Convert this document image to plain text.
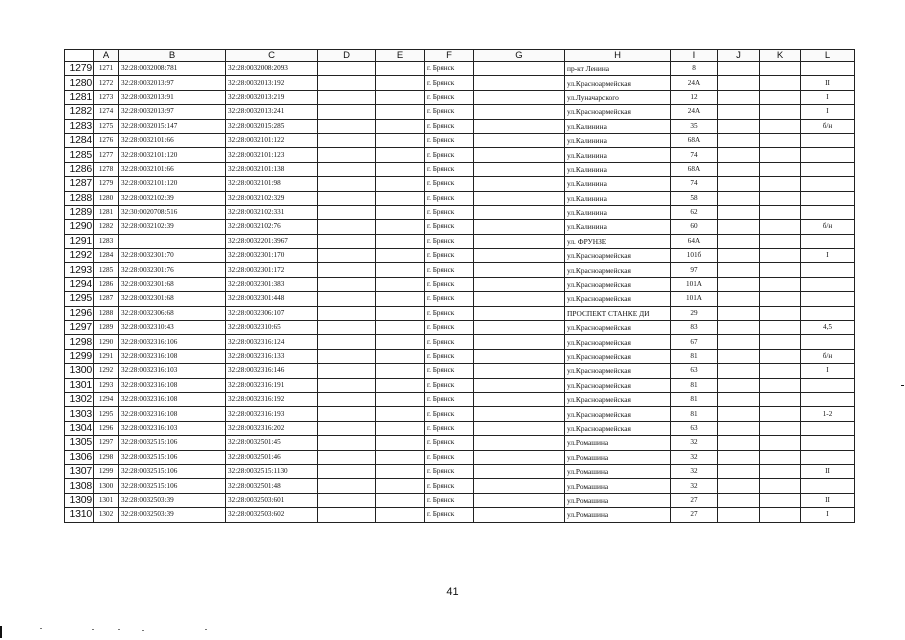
	A	B	C	D	E	F	G	H	I	J	K	L
1279	1271	32:28:0032008:781	32:28:0032008:2093			г. Брянск		пр-кт Ленина	8			
1280	1272	32:28:0032013:97	32:28:0032013:192			г. Брянск		ул.Красноармейская	24А			II
1281	1273	32:28:0032013:91	32:28:0032013:219			г. Брянск		ул.Луначарского	12			I
1282	1274	32:28:0032013:97	32:28:0032013:241			г. Брянск		ул.Красноармейская	24А			I
1283	1275	32:28:0032015:147	32:28:0032015:285			г. Брянск		ул.Калинина	35			б/н
1284	1276	32:28:0032101:66	32:28:0032101:122			г. Брянск		ул.Калинина	68А			
1285	1277	32:28:0032101:120	32:28:0032101:123			г. Брянск		ул.Калинина	74			
1286	1278	32:28:0032101:66	32:28:0032101:138			г. Брянск		ул.Калинина	68А			
1287	1279	32:28:0032101:120	32:28:0032101:98			г. Брянск		ул.Калинина	74			
1288	1280	32:28:0032102:39	32:28:0032102:329			г. Брянск		ул.Калинина	58			
1289	1281	32:30:0020708:516	32:28:0032102:331			г. Брянск		ул.Калинина	62			
1290	1282	32:28:0032102:39	32:28:0032102:76			г. Брянск		ул.Калинина	60			б/н
1291	1283		32:28:0032201:3967			г. Брянск		ул. ФРУНЗЕ	64А			
1292	1284	32:28:0032301:70	32:28:0032301:170			г. Брянск		ул.Красноармейская	101б			I
1293	1285	32:28:0032301:76	32:28:0032301:172			г. Брянск		ул.Красноармейская	97			
1294	1286	32:28:0032301:68	32:28:0032301:383			г. Брянск		ул.Красноармейская	101А			
1295	1287	32:28:0032301:68	32:28:0032301:448			г. Брянск		ул.Красноармейская	101А			
1296	1288	32:28:0032306:68	32:28:0032306:107			г. Брянск		ПРОСПЕКТ СТАНКЕ ДИ	29			
1297	1289	32:28:0032310:43	32:28:0032310:65			г. Брянск		ул.Красноармейская	83			4,5
1298	1290	32:28:0032316:106	32:28:0032316:124			г. Брянск		ул.Красноармейская	67			
1299	1291	32:28:0032316:108	32:28:0032316:133			г. Брянск		ул.Красноармейская	81			б/н
1300	1292	32:28:0032316:103	32:28:0032316:146			г. Брянск		ул.Красноармейская	63			I
1301	1293	32:28:0032316:108	32:28:0032316:191			г. Брянск		ул.Красноармейская	81			
1302	1294	32:28:0032316:108	32:28:0032316:192			г. Брянск		ул.Красноармейская	81			
1303	1295	32:28:0032316:108	32:28:0032316:193			г. Брянск		ул.Красноармейская	81			1-2
1304	1296	32:28:0032316:103	32:28:0032316:202			г. Брянск		ул.Красноармейская	63			
1305	1297	32:28:0032515:106	32:28:0032501:45			г. Брянск		ул.Ромашина	32			
1306	1298	32:28:0032515:106	32:28:0032501:46			г. Брянск		ул.Ромашина	32			
1307	1299	32:28:0032515:106	32:28:0032515:1130			г. Брянск		ул.Ромашина	32			II
1308	1300	32:28:0032515:106	32:28:0032501:48			г. Брянск		ул.Ромашина	32			
1309	1301	32:28:0032503:39	32:28:0032503:601			г. Брянск		ул.Ромашина	27			II
1310	1302	32:28:0032503:39	32:28:0032503:602			г. Брянск		ул.Ромашина	27			I
41
